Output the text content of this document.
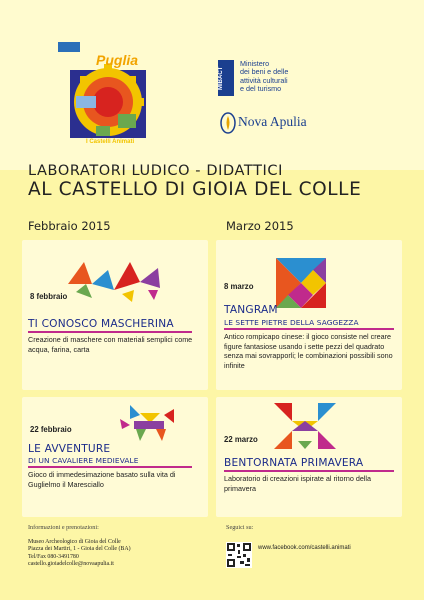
Puglia
I Castelli Animati
MIBACT
Ministero
dei beni e delle
attività culturali
e del turismo
Nova Apulia
LABORATORI LUDICO - DIDATTICI
AL CASTELLO DI GIOIA DEL COLLE
Febbraio 2015	Marzo 2015
8 febbraio
TI CONOSCO MASCHERINA
Creazione di maschere con materiali semplici come acqua, farina, carta
22 febbraio
LE AVVENTURE
DI UN CAVALIERE MEDIEVALE
Gioco di immedesimazione basato sulla vita di Guglielmo il Maresciallo
8 marzo
TANGRAM
LE SETTE PIETRE DELLA SAGGEZZA
Antico rompicapo cinese: il gioco consiste nel creare figure fantasiose usando i sette pezzi del quadrato senza mai sovrapporli; le combinazioni possibili sono infinite
22 marzo
BENTORNATA PRIMAVERA
Laboratorio di creazioni ispirate al ritorno della primavera
Informazioni e prenotazioni:
Museo Archeologico di Gioia del Colle
Piazza dei Martiri, 1 - Gioia del Colle (BA)
Tel/Fax 080-3491780
castello.gioiadelcolle@novaapulia.it
Seguici su:
www.facebook.com/castelli.animati
